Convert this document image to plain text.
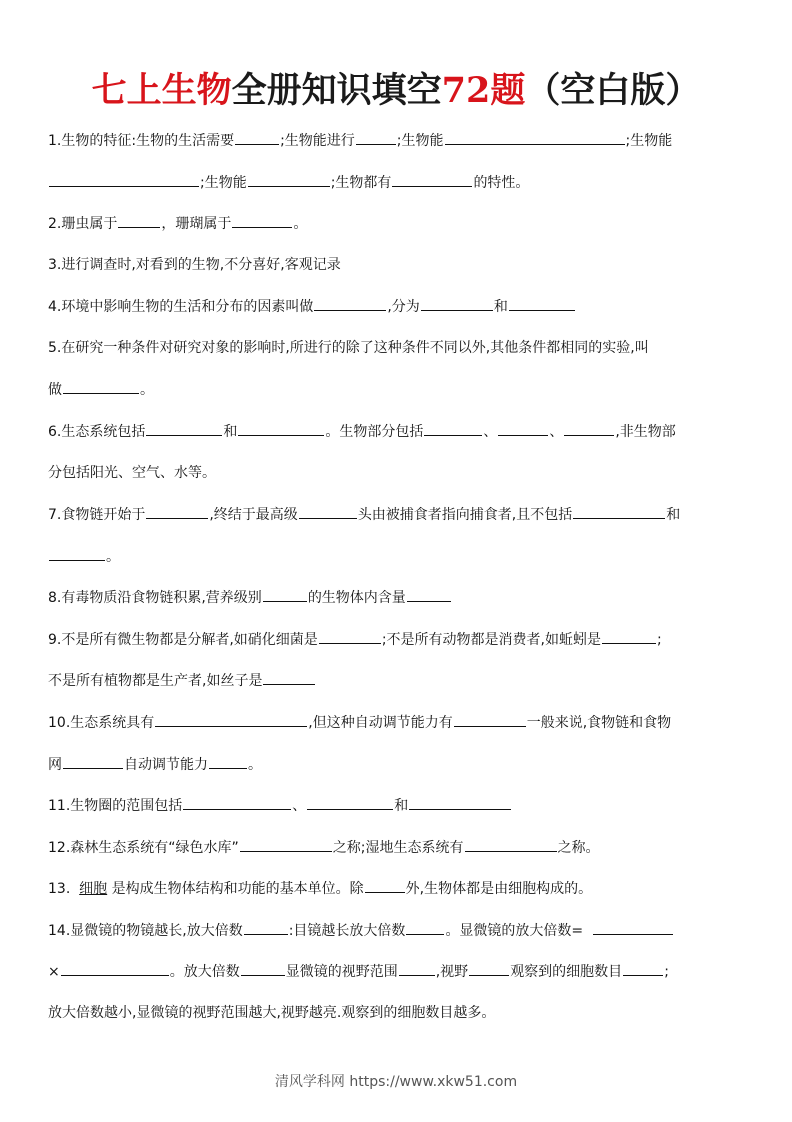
七上生物全册知识填空72题（空白版）
1.生物的特征:生物的生活需要	;生物能进行	;生物能	;生物能
;生物能	;生物都有	的特性。
2.珊虫属于	，珊瑚属于	。
3.进行调查时,对看到的生物,不分喜好,客观记录
4.环境中影响生物的生活和分布的因素叫做	,分为	和
5.在研究一种条件对研究对象的影响时,所进行的除了这种条件不同以外,其他条件都相同的实验,叫
做	。
6.生态系统包括	和	。生物部分包括	、	、	,非生物部
分包括阳光、空气、水等。
7.食物链开始于	,终结于最高级	头由被捕食者指向捕食者,且不包括	和
。
8.有毒物质沿食物链积累,营养级别	的生物体内含量
9.不是所有微生物都是分解者,如硝化细菌是	;不是所有动物都是消费者,如蚯蚓是	;
不是所有植物都是生产者,如丝子是
10.生态系统具有	,但这种自动调节能力有	一般来说,食物链和食物
网	自动调节能力	。
11.生物圈的范围包括	、	和
12.森林生态系统有“绿色水库”	之称;湿地生态系统有	之称。
13. 细胞 是构成生物体结构和功能的基本单位。除	外,生物体都是由细胞构成的。
14.显微镜的物镜越长,放大倍数	:目镜越长放大倍数	。显微镜的放大倍数=
×	。放大倍数	显微镜的视野范围	,视野	观察到的细胞数目	;
放大倍数越小,显微镜的视野范围越大,视野越亮.观察到的细胞数目越多。
清风学科网 https://www.xkw51.com
